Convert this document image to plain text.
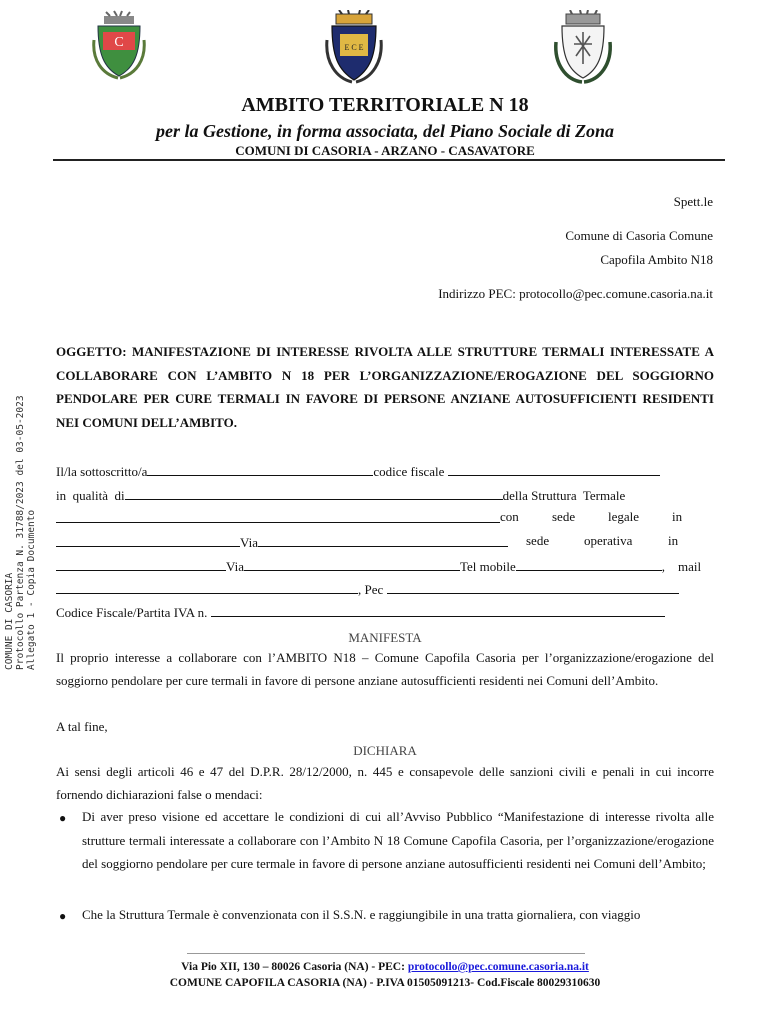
C	E C E
AMBITO TERRITORIALE N 18
per la Gestione, in forma associata, del Piano Sociale di Zona
COMUNI DI CASORIA - ARZANO - CASAVATORE
Spett.le
Comune di Casoria Comune
Capofila Ambito N18
Indirizzo PEC: protocollo@pec.comune.casoria.na.it
COMUNE DI CASORIA Protocollo Partenza N. 31788/2023 del 03-05-2023 Allegato 1 - Copia Documento
OGGETTO: MANIFESTAZIONE DI INTERESSE RIVOLTA ALLE STRUTTURE TERMALI INTERESSATE A COLLABORARE CON L’AMBITO N 18 PER L’ORGANIZZAZIONE/EROGAZIONE DEL SOGGIORNO PENDOLARE PER CURE TERMALI IN FAVORE DI PERSONE ANZIANE AUTOSUFFICIENTI RESIDENTI NEI COMUNI DELL’AMBITO.
Il/la sottoscritto/a	codice fiscale
in  qualità  di	della Struttura  Termale
con	sede	legale	in
Via	sede	operativa	in
Via	Tel mobile	,    mail
, Pec
Codice Fiscale/Partita IVA n.
MANIFESTA
Il proprio interesse a collaborare con l’AMBITO N18 – Comune Capofila Casoria per l’organizzazione/erogazione del soggiorno pendolare per cure termali in favore di persone anziane autosufficienti residenti nei Comuni dell’Ambito.
A tal fine,
DICHIARA
Ai sensi degli articoli 46 e 47 del D.P.R. 28/12/2000, n. 445 e consapevole delle sanzioni civili e penali in cui incorre fornendo dichiarazioni false o mendaci:
● Di aver preso visione ed accettare le condizioni di cui all’Avviso Pubblico “Manifestazione di interesse rivolta alle strutture termali interessate a collaborare con l’Ambito N 18 Comune Capofila Casoria, per l’organizzazione/erogazione del soggiorno pendolare per cure termale in favore di persone anziane autosufficienti residenti nei Comuni dell’Ambito;
● Che la Struttura Termale è convenzionata con il S.S.N. e raggiungibile in una tratta giornaliera, con viaggio
Via Pio XII, 130 – 80026 Casoria (NA) - PEC: protocollo@pec.comune.casoria.na.it
COMUNE CAPOFILA CASORIA (NA) - P.IVA 01505091213- Cod.Fiscale 80029310630
